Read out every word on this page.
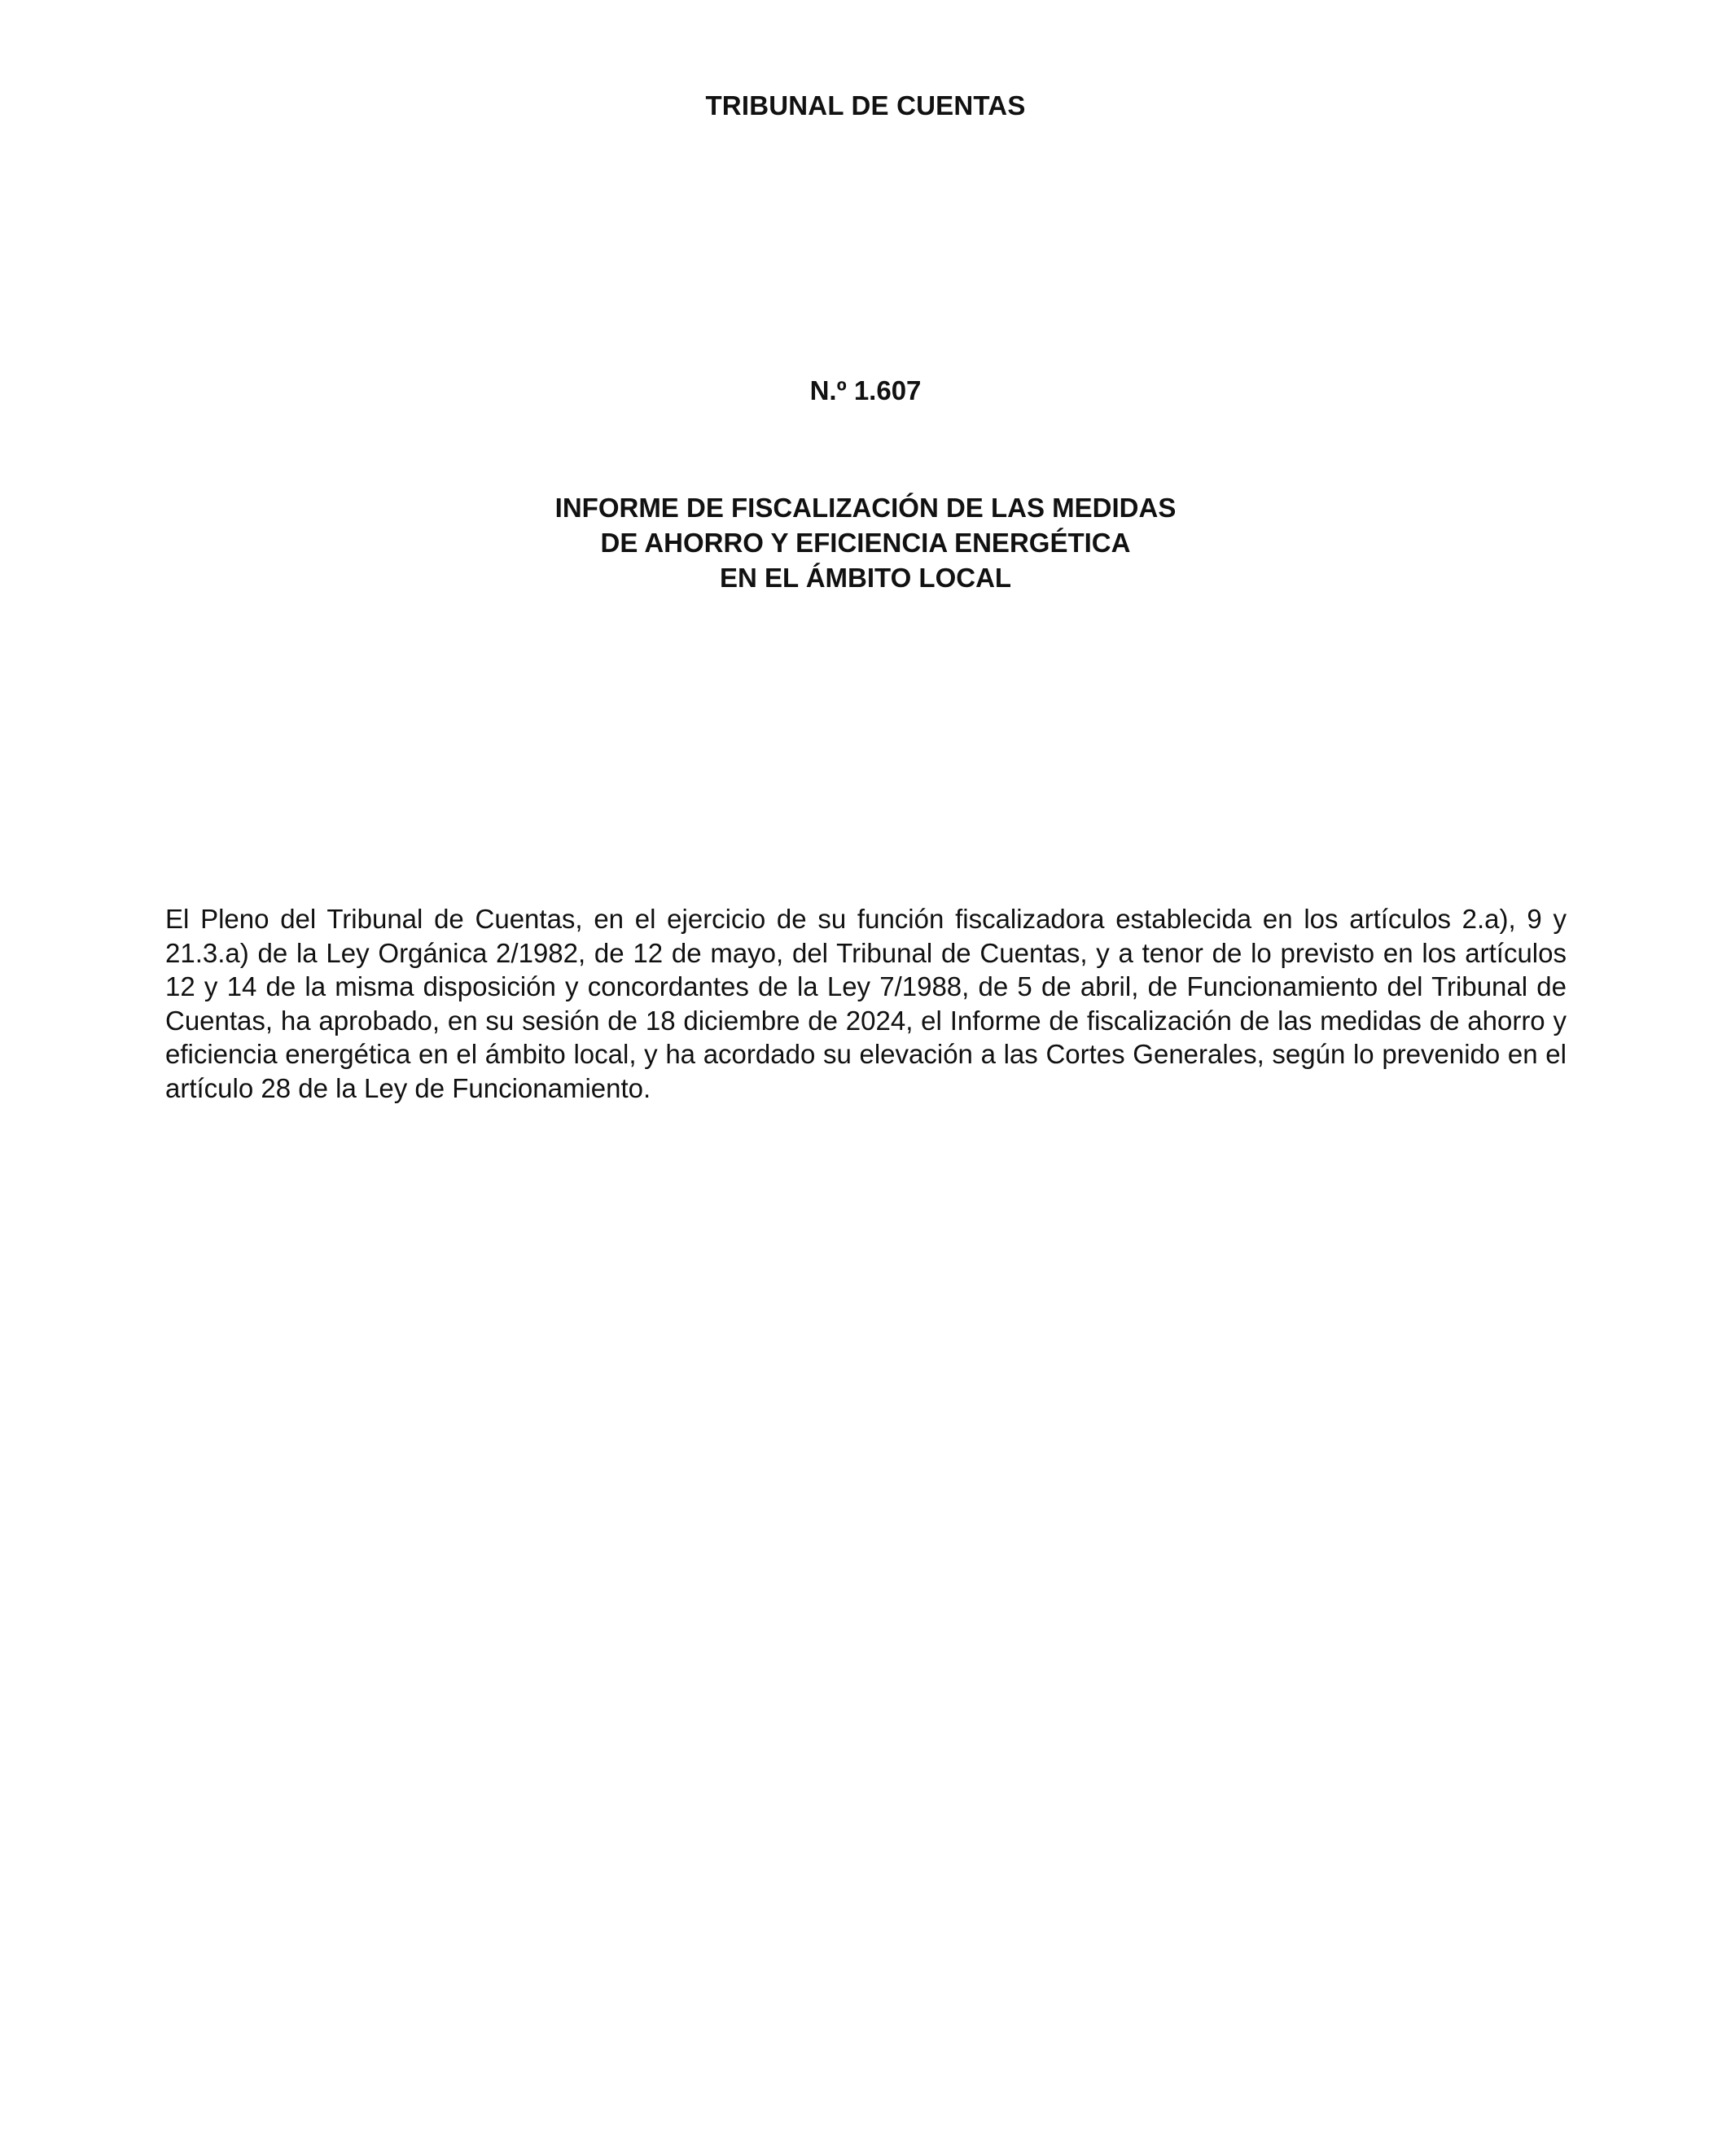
TRIBUNAL DE CUENTAS
N.º 1.607
INFORME DE FISCALIZACIÓN DE LAS MEDIDAS
DE AHORRO Y EFICIENCIA ENERGÉTICA
EN EL ÁMBITO LOCAL

El Pleno del Tribunal de Cuentas, en el ejercicio de su función fiscalizadora establecida en los artículos 2.a), 9 y 21.3.a) de la Ley Orgánica 2/1982, de 12 de mayo, del Tribunal de Cuentas, y a tenor de lo previsto en los artículos 12 y 14 de la misma disposición y concordantes de la Ley 7/1988, de 5 de abril, de Funcionamiento del Tribunal de Cuentas, ha aprobado, en su sesión de 18 diciembre de 2024, el Informe de fiscalización de las medidas de ahorro y eficiencia energética en el ámbito local, y ha acordado su elevación a las Cortes Generales, según lo prevenido en el artículo 28 de la Ley de Funcionamiento.
